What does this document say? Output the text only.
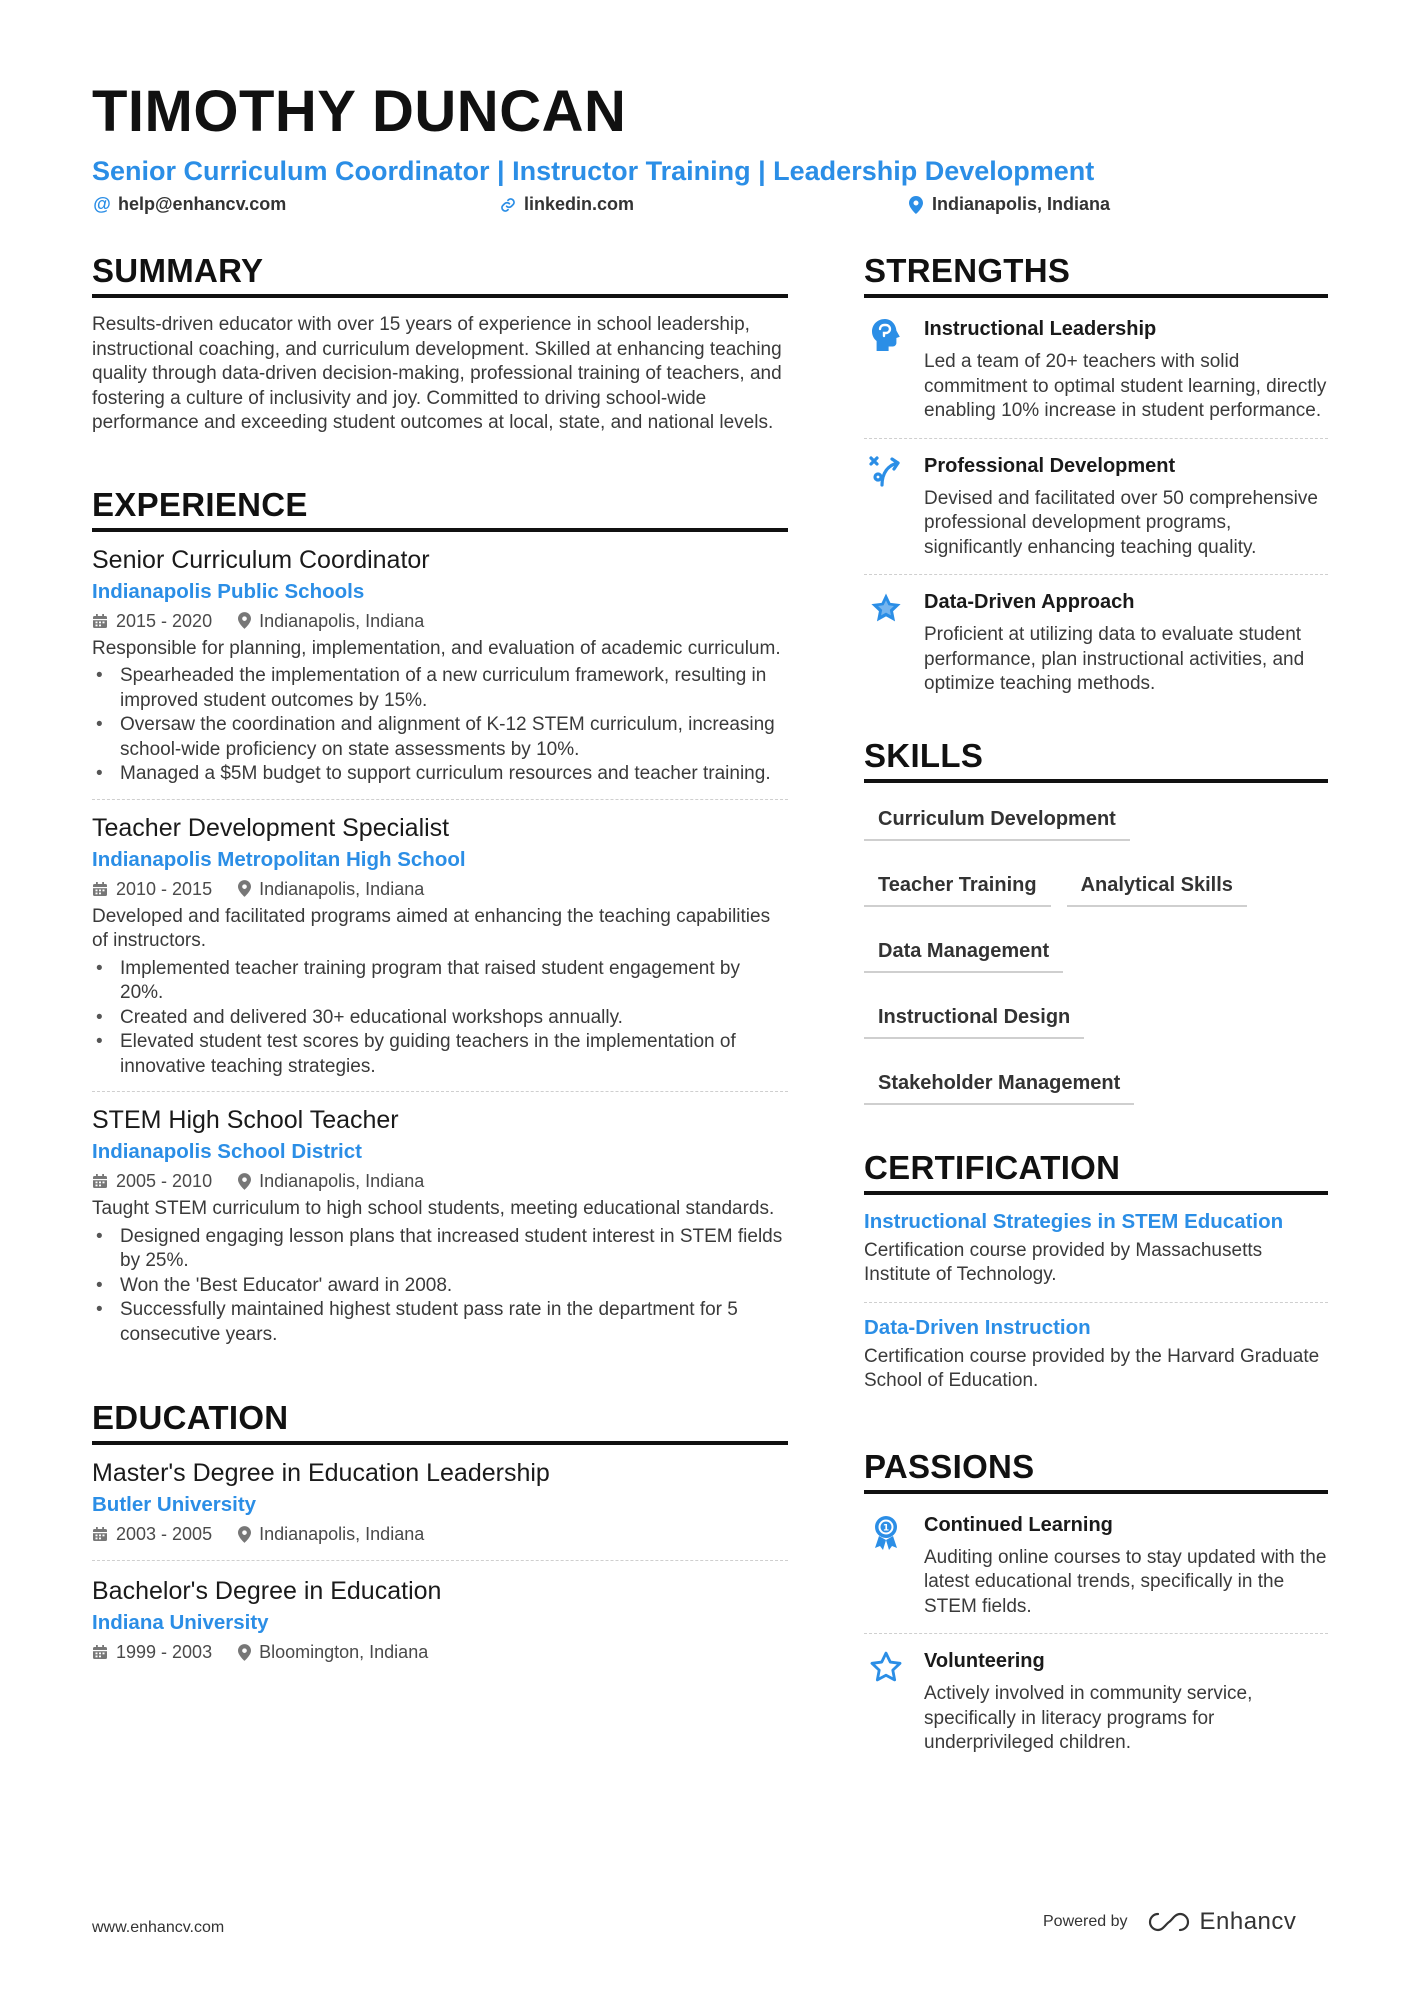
TIMOTHY DUNCAN
Senior Curriculum Coordinator | Instructor Training | Leadership Development
@ help@enhancv.com	linkedin.com	Indianapolis, Indiana
SUMMARY
Results-driven educator with over 15 years of experience in school leadership, instructional coaching, and curriculum development. Skilled at enhancing teaching quality through data-driven decision-making, professional training of teachers, and fostering a culture of inclusivity and joy. Committed to driving school-wide performance and exceeding student outcomes at local, state, and national levels.
EXPERIENCE
Senior Curriculum Coordinator
Indianapolis Public Schools
2015 - 2020	Indianapolis, Indiana
Responsible for planning, implementation, and evaluation of academic curriculum.
• Spearheaded the implementation of a new curriculum framework, resulting in improved student outcomes by 15%.
• Oversaw the coordination and alignment of K-12 STEM curriculum, increasing school-wide proficiency on state assessments by 10%.
• Managed a $5M budget to support curriculum resources and teacher training.
Teacher Development Specialist
Indianapolis Metropolitan High School
2010 - 2015	Indianapolis, Indiana
Developed and facilitated programs aimed at enhancing the teaching capabilities of instructors.
• Implemented teacher training program that raised student engagement by 20%.
• Created and delivered 30+ educational workshops annually.
• Elevated student test scores by guiding teachers in the implementation of innovative teaching strategies.
STEM High School Teacher
Indianapolis School District
2005 - 2010	Indianapolis, Indiana
Taught STEM curriculum to high school students, meeting educational standards.
• Designed engaging lesson plans that increased student interest in STEM fields by 25%.
• Won the 'Best Educator' award in 2008.
• Successfully maintained highest student pass rate in the department for 5 consecutive years.
EDUCATION
Master's Degree in Education Leadership
Butler University
2003 - 2005	Indianapolis, Indiana
Bachelor's Degree in Education
Indiana University
1999 - 2003	Bloomington, Indiana
STRENGTHS
Instructional Leadership
Led a team of 20+ teachers with solid commitment to optimal student learning, directly enabling 10% increase in student performance.
Professional Development
Devised and facilitated over 50 comprehensive professional development programs, significantly enhancing teaching quality.
Data-Driven Approach
Proficient at utilizing data to evaluate student performance, plan instructional activities, and optimize teaching methods.
SKILLS
Curriculum Development
Teacher Training	Analytical Skills
Data Management
Instructional Design
Stakeholder Management
CERTIFICATION
Instructional Strategies in STEM Education
Certification course provided by Massachusetts Institute of Technology.
Data-Driven Instruction
Certification course provided by the Harvard Graduate School of Education.
PASSIONS
1 Continued Learning
Auditing online courses to stay updated with the latest educational trends, specifically in the STEM fields.
Volunteering
Actively involved in community service, specifically in literacy programs for underprivileged children.
www.enhancv.com	Powered by	Enhancv
